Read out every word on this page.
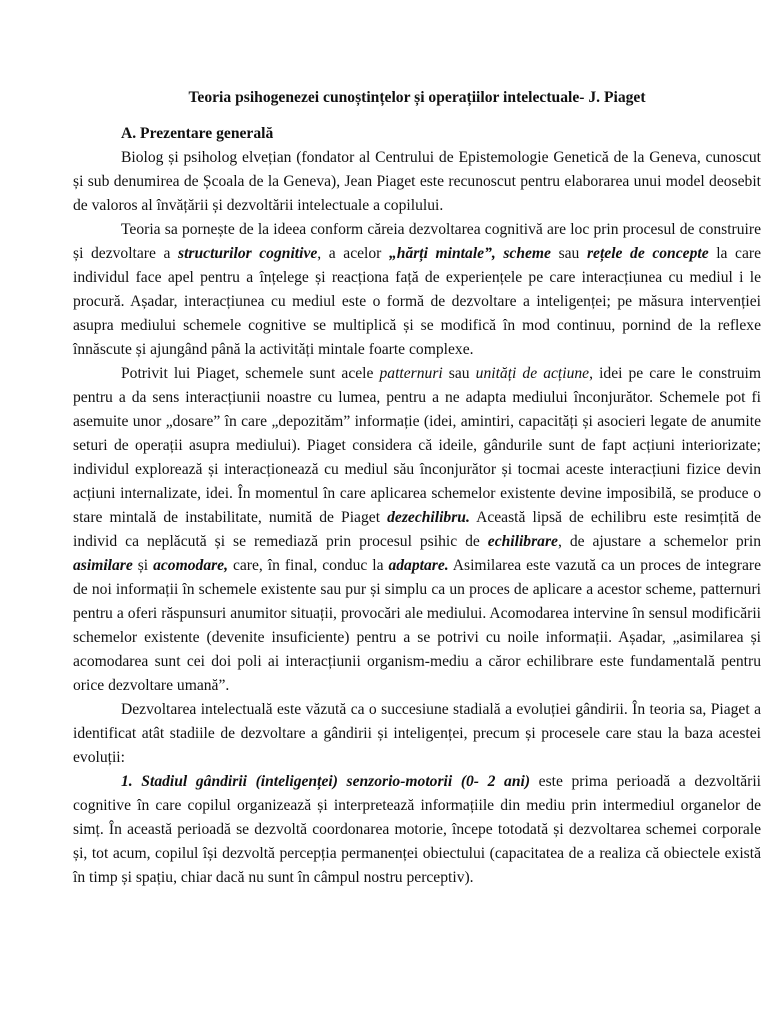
Teoria psihogenezei cunoștințelor și operațiilor intelectuale- J. Piaget
A. Prezentare generală

Biolog și psiholog elvețian (fondator al Centrului de Epistemologie Genetică de la Geneva, cunoscut și sub denumirea de Școala de la Geneva), Jean Piaget este recunoscut pentru elaborarea unui model deosebit de valoros al învățării și dezvoltării intelectuale a copilului.

Teoria sa pornește de la ideea conform căreia dezvoltarea cognitivă are loc prin procesul de construire și dezvoltare a structurilor cognitive, a acelor „hărți mintale”, scheme sau rețele de concepte la care individul face apel pentru a înțelege și reacționa față de experiențele pe care interacțiunea cu mediul i le procură. Așadar, interacțiunea cu mediul este o formă de dezvoltare a inteligenței; pe măsura intervenției asupra mediului schemele cognitive se multiplică și se modifică în mod continuu, pornind de la reflexe înnăscute și ajungând până la activități mintale foarte complexe.

Potrivit lui Piaget, schemele sunt acele patternuri sau unități de acțiune, idei pe care le construim pentru a da sens interacțiunii noastre cu lumea, pentru a ne adapta mediului înconjurător. Schemele pot fi asemuite unor „dosare” în care „depozităm” informație (idei, amintiri, capacități și asocieri legate de anumite seturi de operații asupra mediului). Piaget considera că ideile, gândurile sunt de fapt acțiuni interiorizate; individul explorează și interacționează cu mediul său înconjurător și tocmai aceste interacțiuni fizice devin acțiuni internalizate, idei. În momentul în care aplicarea schemelor existente devine imposibilă, se produce o stare mintală de instabilitate, numită de Piaget dezechilibru. Această lipsă de echilibru este resimțită de individ ca neplăcută și se remediază prin procesul psihic de echilibrare, de ajustare a schemelor prin asimilare și acomodare, care, în final, conduc la adaptare. Asimilarea este vazută ca un proces de integrare de noi informații în schemele existente sau pur și simplu ca un proces de aplicare a acestor scheme, patternuri pentru a oferi răspunsuri anumitor situații, provocări ale mediului. Acomodarea intervine în sensul modificării schemelor existente (devenite insuficiente) pentru a se potrivi cu noile informații. Așadar, „asimilarea și acomodarea sunt cei doi poli ai interacțiunii organism-mediu a căror echilibrare este fundamentală pentru orice dezvoltare umană”.

Dezvoltarea intelectuală este văzută ca o succesiune stadială a evoluției gândirii. În teoria sa, Piaget a identificat atât stadiile de dezvoltare a gândirii și inteligenței, precum și procesele care stau la baza acestei evoluții:

1. Stadiul gândirii (inteligenței) senzorio-motorii (0- 2 ani) este prima perioadă a dezvoltării cognitive în care copilul organizează și interpretează informațiile din mediu prin intermediul organelor de simț. În această perioadă se dezvoltă coordonarea motorie, începe totodată și dezvoltarea schemei corporale și, tot acum, copilul își dezvoltă percepția permanenței obiectului (capacitatea de a realiza că obiectele există în timp și spațiu, chiar dacă nu sunt în câmpul nostru perceptiv).
